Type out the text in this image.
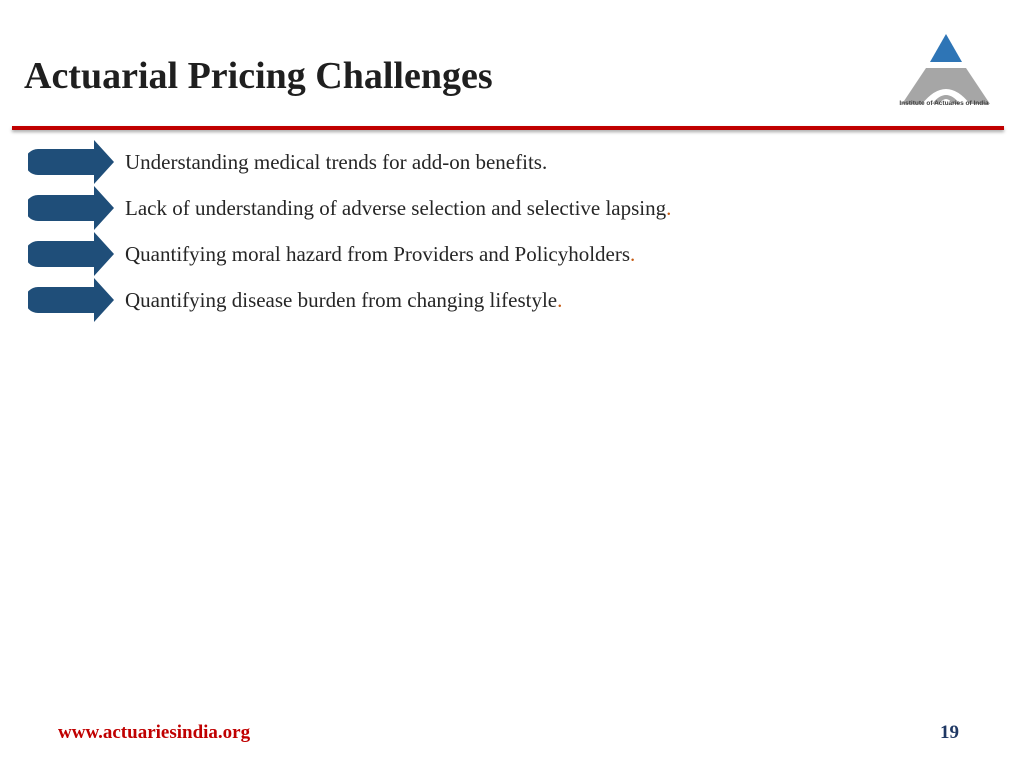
Actuarial Pricing Challenges
Institute of Actuaries of India
Understanding medical trends for add-on benefits.
Lack of understanding of adverse selection and selective lapsing.
Quantifying moral hazard from Providers and Policyholders.
Quantifying disease burden from changing lifestyle.
www.actuariesindia.org	19
